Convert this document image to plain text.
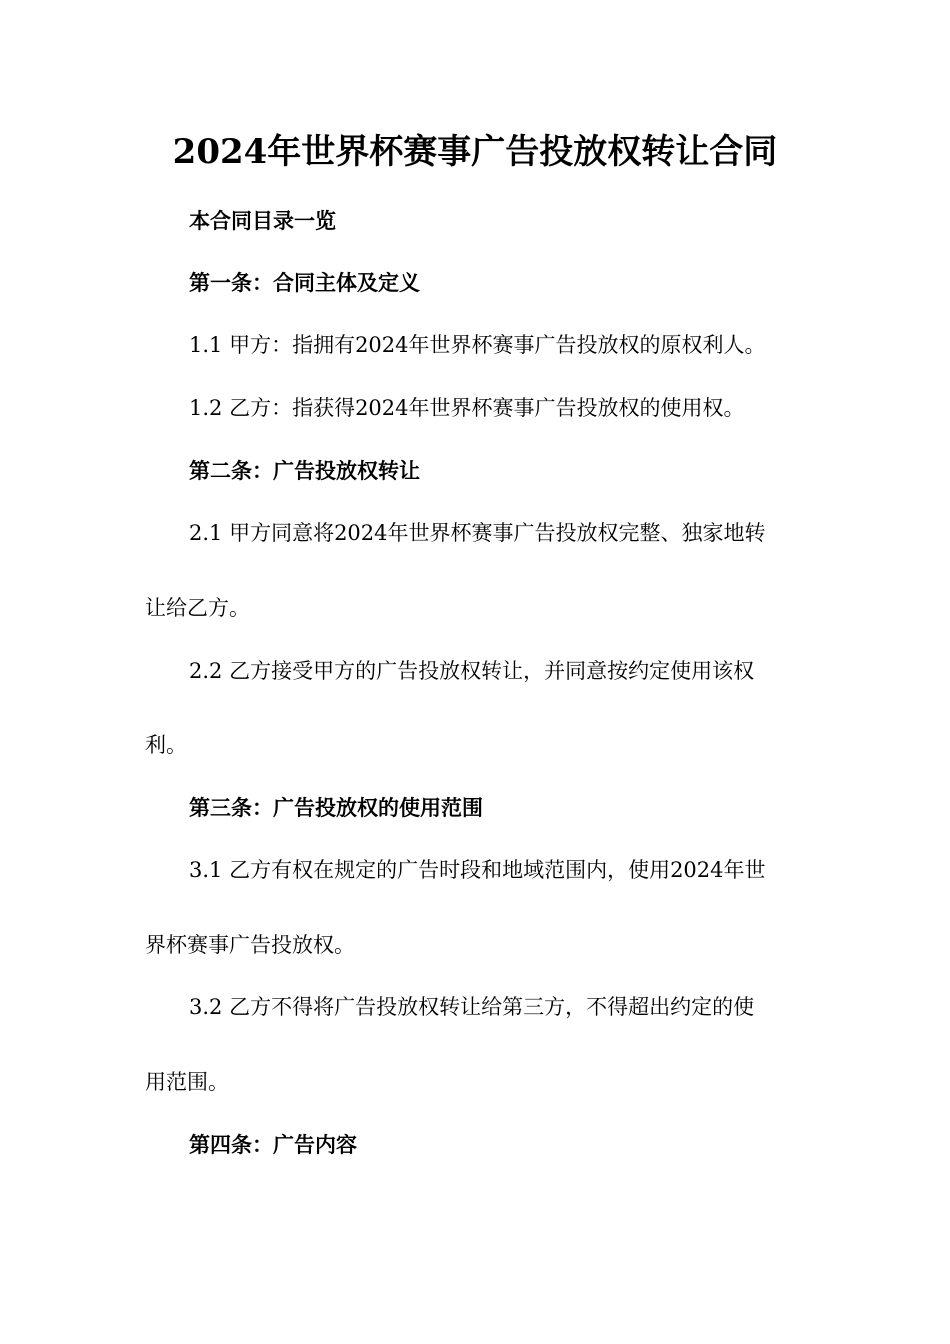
2024年世界杯赛事广告投放权转让合同
本合同目录一览
第一条：合同主体及定义
1.1 甲方：指拥有2024年世界杯赛事广告投放权的原权利人。
1.2 乙方：指获得2024年世界杯赛事广告投放权的使用权。
第二条：广告投放权转让
2.1 甲方同意将2024年世界杯赛事广告投放权完整、独家地转
让给乙方。
2.2 乙方接受甲方的广告投放权转让，并同意按约定使用该权
利。
第三条：广告投放权的使用范围
3.1 乙方有权在规定的广告时段和地域范围内，使用2024年世
界杯赛事广告投放权。
3.2 乙方不得将广告投放权转让给第三方，不得超出约定的使
用范围。
第四条：广告内容
